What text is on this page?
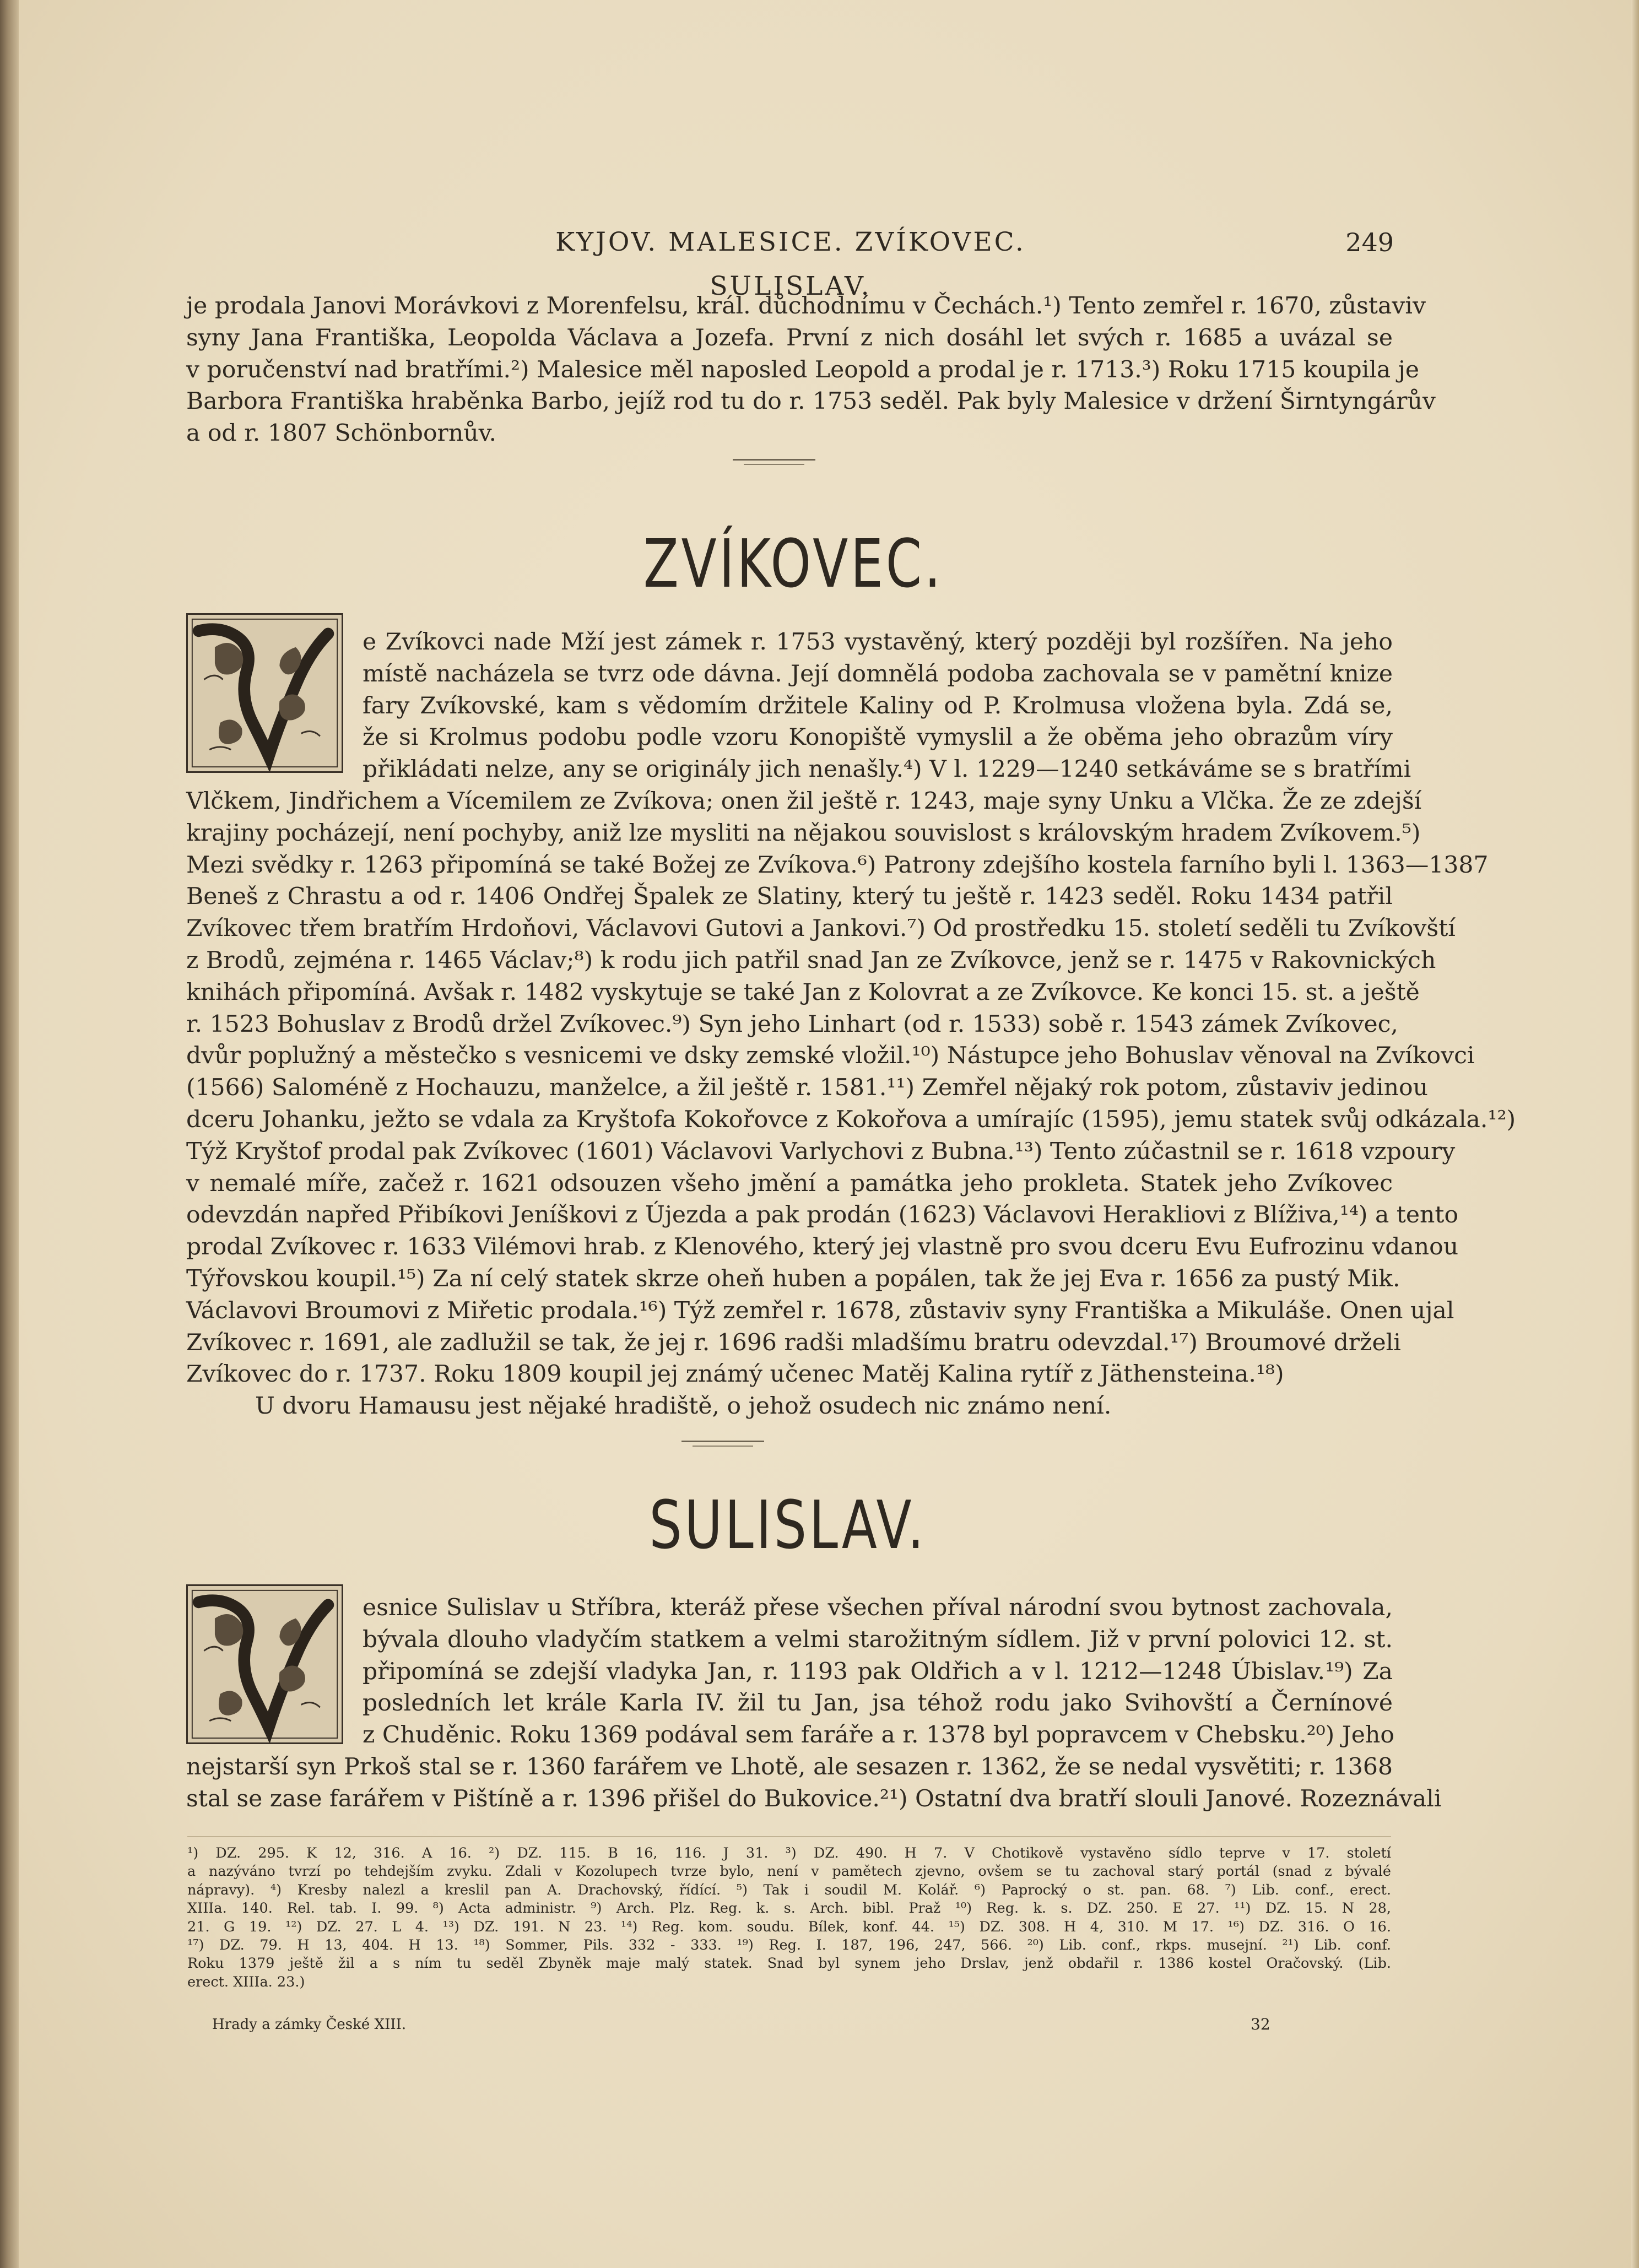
KYJOV. MALESICE. ZVÍKOVEC. SULISLAV.
249
je prodala Janovi Morávkovi z Morenfelsu, král. důchodnímu v Čechách.¹) Tento zemřel r. 1670, zůstaviv
syny Jana Františka, Leopolda Václava a Jozefa. První z nich dosáhl let svých r. 1685 a uvázal se
v poručenství nad bratřími.²) Malesice měl naposled Leopold a prodal je r. 1713.³) Roku 1715 koupila je
Barbora Františka hraběnka Barbo, jejíž rod tu do r. 1753 seděl. Pak byly Malesice v držení Širntyngárův
a od r. 1807 Schönbornův.
ZVÍKOVEC.
e Zvíkovci nade Mží jest zámek r. 1753 vystavěný, který později byl rozšířen. Na jeho
místě nacházela se tvrz ode dávna. Její domnělá podoba zachovala se v pamětní knize
fary Zvíkovské, kam s vědomím držitele Kaliny od P. Krolmusa vložena byla. Zdá se,
že si Krolmus podobu podle vzoru Konopiště vymyslil a že oběma jeho obrazům víry
přikládati nelze, any se originály jich nenašly.⁴) V l. 1229—1240 setkáváme se s bratřími
Vlčkem, Jindřichem a Vícemilem ze Zvíkova; onen žil ještě r. 1243, maje syny Unku a Vlčka. Že ze zdejší
krajiny pocházejí, není pochyby, aniž lze mysliti na nějakou souvislost s královským hradem Zvíkovem.⁵)
Mezi svědky r. 1263 připomíná se také Božej ze Zvíkova.⁶) Patrony zdejšího kostela farního byli l. 1363—1387
Beneš z Chrastu a od r. 1406 Ondřej Špalek ze Slatiny, který tu ještě r. 1423 seděl. Roku 1434 patřil
Zvíkovec třem bratřím Hrdoňovi, Václavovi Gutovi a Jankovi.⁷) Od prostředku 15. století seděli tu Zvíkovští
z Brodů, zejména r. 1465 Václav;⁸) k rodu jich patřil snad Jan ze Zvíkovce, jenž se r. 1475 v Rakovnických
knihách připomíná. Avšak r. 1482 vyskytuje se také Jan z Kolovrat a ze Zvíkovce. Ke konci 15. st. a ještě
r. 1523 Bohuslav z Brodů držel Zvíkovec.⁹) Syn jeho Linhart (od r. 1533) sobě r. 1543 zámek Zvíkovec,
dvůr poplužný a městečko s vesnicemi ve dsky zemské vložil.¹⁰) Nástupce jeho Bohuslav věnoval na Zvíkovci
(1566) Saloméně z Hochauzu, manželce, a žil ještě r. 1581.¹¹) Zemřel nějaký rok potom, zůstaviv jedinou
dceru Johanku, ježto se vdala za Kryštofa Kokořovce z Kokořova a umírajíc (1595), jemu statek svůj odkázala.¹²)
Týž Kryštof prodal pak Zvíkovec (1601) Václavovi Varlychovi z Bubna.¹³) Tento zúčastnil se r. 1618 vzpoury
v nemalé míře, začež r. 1621 odsouzen všeho jmění a památka jeho prokleta. Statek jeho Zvíkovec
odevzdán napřed Přibíkovi Jeníškovi z Újezda a pak prodán (1623) Václavovi Herakliovi z Blíživa,¹⁴) a tento
prodal Zvíkovec r. 1633 Vilémovi hrab. z Klenového, který jej vlastně pro svou dceru Evu Eufrozinu vdanou
Týřovskou koupil.¹⁵) Za ní celý statek skrze oheň huben a popálen, tak že jej Eva r. 1656 za pustý Mik.
Václavovi Broumovi z Miřetic prodala.¹⁶) Týž zemřel r. 1678, zůstaviv syny Františka a Mikuláše. Onen ujal
Zvíkovec r. 1691, ale zadlužil se tak, že jej r. 1696 radši mladšímu bratru odevzdal.¹⁷) Broumové drželi
Zvíkovec do r. 1737. Roku 1809 koupil jej známý učenec Matěj Kalina rytíř z Jäthensteina.¹⁸)
U dvoru Hamausu jest nějaké hradiště, o jehož osudech nic známo není.
SULISLAV.
esnice Sulislav u Stříbra, kteráž přese všechen příval národní svou bytnost zachovala,
bývala dlouho vladyčím statkem a velmi starožitným sídlem. Již v první polovici 12. st.
připomíná se zdejší vladyka Jan, r. 1193 pak Oldřich a v l. 1212—1248 Úbislav.¹⁹) Za
posledních let krále Karla IV. žil tu Jan, jsa téhož rodu jako Svihovští a Černínové
z Chuděnic. Roku 1369 podával sem faráře a r. 1378 byl popravcem v Chebsku.²⁰) Jeho
nejstarší syn Prkoš stal se r. 1360 farářem ve Lhotě, ale sesazen r. 1362, že se nedal vysvětiti; r. 1368
stal se zase farářem v Pištíně a r. 1396 přišel do Bukovice.²¹) Ostatní dva bratří slouli Janové. Rozeznávali
¹) DZ. 295. K 12, 316. A 16. ²) DZ. 115. B 16, 116. J 31. ³) DZ. 490. H 7. V Chotikově vystavěno sídlo teprve v 17. století
a nazýváno tvrzí po tehdejším zvyku. Zdali v Kozolupech tvrze bylo, není v pamětech zjevno, ovšem se tu zachoval starý portál (snad z bývalé
nápravy). ⁴) Kresby nalezl a kreslil pan A. Drachovský, řídící. ⁵) Tak i soudil M. Kolář. ⁶) Paprocký o st. pan. 68. ⁷) Lib. conf., erect.
XIIIa. 140. Rel. tab. I. 99. ⁸) Acta administr. ⁹) Arch. Plz. Reg. k. s. Arch. bibl. Praž ¹⁰) Reg. k. s. DZ. 250. E 27. ¹¹) DZ. 15. N 28,
21. G 19. ¹²) DZ. 27. L 4. ¹³) DZ. 191. N 23. ¹⁴) Reg. kom. soudu. Bílek, konf. 44. ¹⁵) DZ. 308. H 4, 310. M 17. ¹⁶) DZ. 316. O 16.
¹⁷) DZ. 79. H 13, 404. H 13. ¹⁸) Sommer, Pils. 332 - 333. ¹⁹) Reg. I. 187, 196, 247, 566. ²⁰) Lib. conf., rkps. musejní. ²¹) Lib. conf.
Roku 1379 ještě žil a s ním tu seděl Zbyněk maje malý statek. Snad byl synem jeho Drslav, jenž obdařil r. 1386 kostel Oračovský. (Lib.
erect. XIIIa. 23.)
Hrady a zámky České XIII.	32
